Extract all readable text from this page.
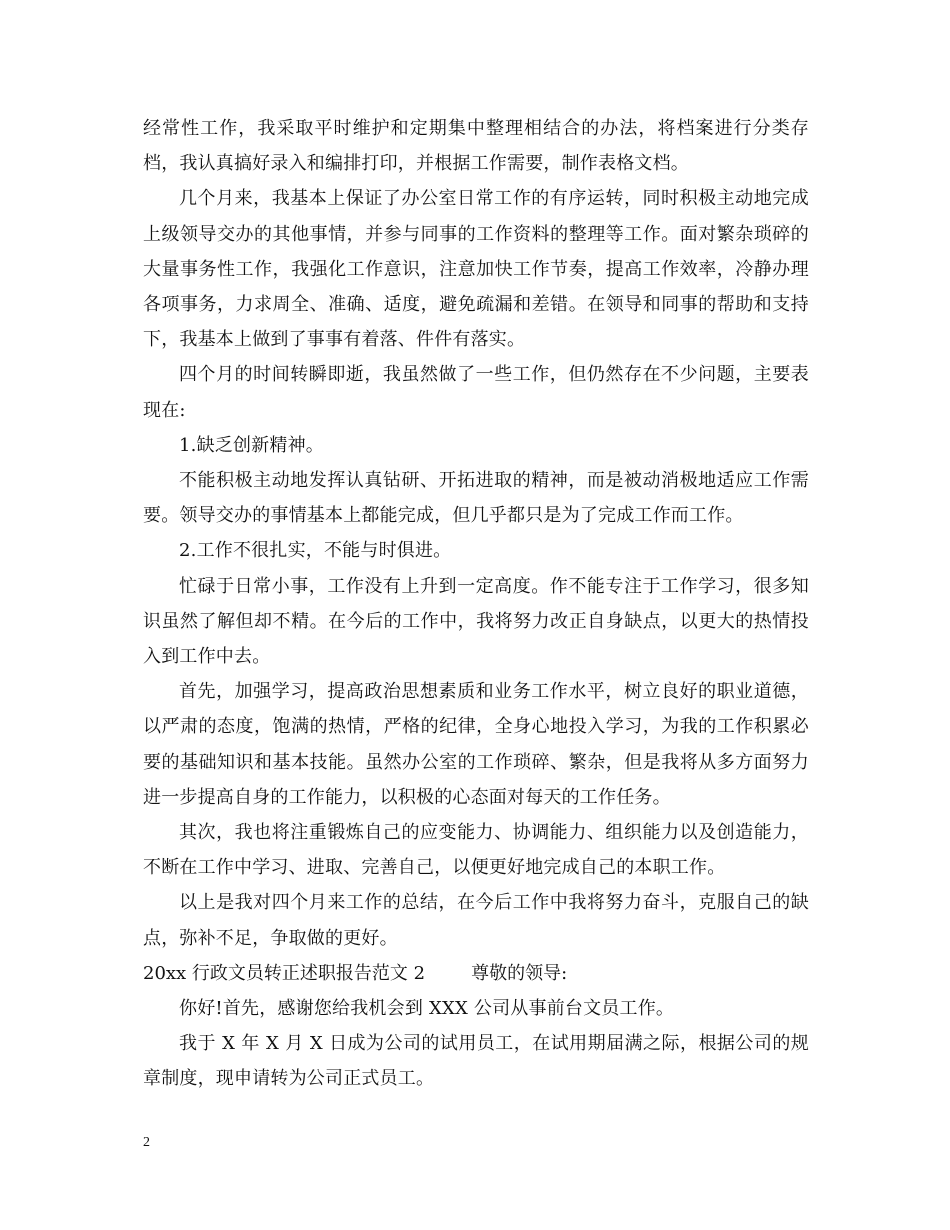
经常性工作，我采取平时维护和定期集中整理相结合的办法，将档案进行分类存档，我认真搞好录入和编排打印，并根据工作需要，制作表格文档。

几个月来，我基本上保证了办公室日常工作的有序运转，同时积极主动地完成上级领导交办的其他事情，并参与同事的工作资料的整理等工作。面对繁杂琐碎的大量事务性工作，我强化工作意识，注意加快工作节奏，提高工作效率，冷静办理各项事务，力求周全、准确、适度，避免疏漏和差错。在领导和同事的帮助和支持下，我基本上做到了事事有着落、件件有落实。

四个月的时间转瞬即逝，我虽然做了一些工作，但仍然存在不少问题，主要表现在:

1.缺乏创新精神。

不能积极主动地发挥认真钻研、开拓进取的精神，而是被动消极地适应工作需要。领导交办的事情基本上都能完成，但几乎都只是为了完成工作而工作。

2.工作不很扎实，不能与时俱进。

忙碌于日常小事，工作没有上升到一定高度。作不能专注于工作学习，很多知识虽然了解但却不精。在今后的工作中，我将努力改正自身缺点，以更大的热情投入到工作中去。

首先，加强学习，提高政治思想素质和业务工作水平，树立良好的职业道德，以严肃的态度，饱满的热情，严格的纪律，全身心地投入学习，为我的工作积累必要的基础知识和基本技能。虽然办公室的工作琐碎、繁杂，但是我将从多方面努力进一步提高自身的工作能力，以积极的心态面对每天的工作任务。

其次，我也将注重锻炼自己的应变能力、协调能力、组织能力以及创造能力，不断在工作中学习、进取、完善自己，以便更好地完成自己的本职工作。

以上是我对四个月来工作的总结，在今后工作中我将努力奋斗，克服自己的缺点，弥补不足，争取做的更好。

20xx 行政文员转正述职报告范文 2	尊敬的领导:

你好!首先，感谢您给我机会到 XXX 公司从事前台文员工作。

我于 X 年 X 月 X 日成为公司的试用员工，在试用期届满之际，根据公司的规章制度，现申请转为公司正式员工。

2
